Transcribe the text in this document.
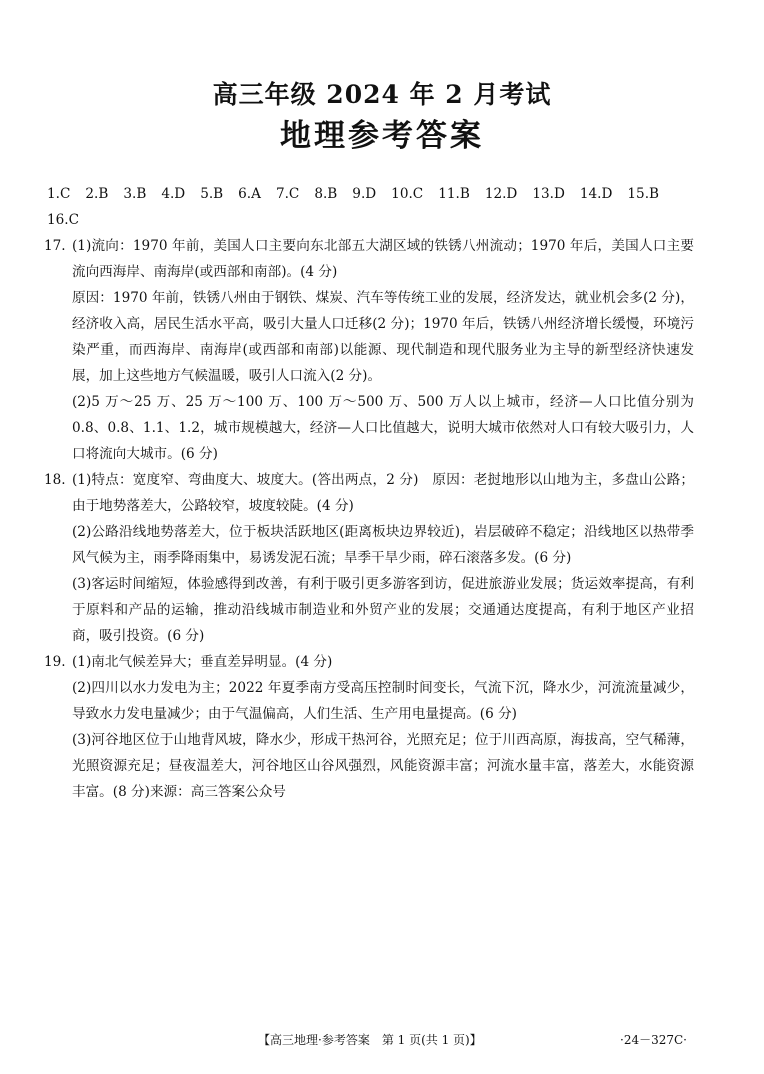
高三年级 2024 年 2 月考试
地理参考答案
1.C 2.B 3.B 4.D 5.B 6.A 7.C 8.B 9.D 10.C 11.B 12.D 13.D 14.D 15.B
16.C
17. (1)流向：1970 年前，美国人口主要向东北部五大湖区域的铁锈八州流动；1970 年后，美国人口主要流向西海岸、南海岸(或西部和南部)。(4 分)

原因：1970 年前，铁锈八州由于钢铁、煤炭、汽车等传统工业的发展，经济发达，就业机会多(2 分)，经济收入高，居民生活水平高，吸引大量人口迁移(2 分)；1970 年后，铁锈八州经济增长缓慢，环境污染严重，而西海岸、南海岸(或西部和南部)以能源、现代制造和现代服务业为主导的新型经济快速发展，加上这些地方气候温暖，吸引人口流入(2 分)。

(2)5 万～25 万、25 万～100 万、100 万～500 万、500 万人以上城市，经济—人口比值分别为 0.8、0.8、1.1、1.2，城市规模越大，经济—人口比值越大，说明大城市依然对人口有较大吸引力，人口将流向大城市。(6 分)

18. (1)特点：宽度窄、弯曲度大、坡度大。(答出两点，2 分)　原因：老挝地形以山地为主，多盘山公路；由于地势落差大，公路较窄，坡度较陡。(4 分)

(2)公路沿线地势落差大，位于板块活跃地区(距离板块边界较近)，岩层破碎不稳定；沿线地区以热带季风气候为主，雨季降雨集中，易诱发泥石流；旱季干旱少雨，碎石滚落多发。(6 分)

(3)客运时间缩短，体验感得到改善，有利于吸引更多游客到访，促进旅游业发展；货运效率提高，有利于原料和产品的运输，推动沿线城市制造业和外贸产业的发展；交通通达度提高，有利于地区产业招商，吸引投资。(6 分)

19. (1)南北气候差异大；垂直差异明显。(4 分)

(2)四川以水力发电为主；2022 年夏季南方受高压控制时间变长，气流下沉，降水少，河流流量减少，导致水力发电量减少；由于气温偏高，人们生活、生产用电量提高。(6 分)

(3)河谷地区位于山地背风坡，降水少，形成干热河谷，光照充足；位于川西高原，海拔高，空气稀薄，光照资源充足；昼夜温差大，河谷地区山谷风强烈，风能资源丰富；河流水量丰富，落差大，水能资源丰富。(8 分)来源：高三答案公众号

【高三地理·参考答案　第 1 页(共 1 页)】	·24－327C·
